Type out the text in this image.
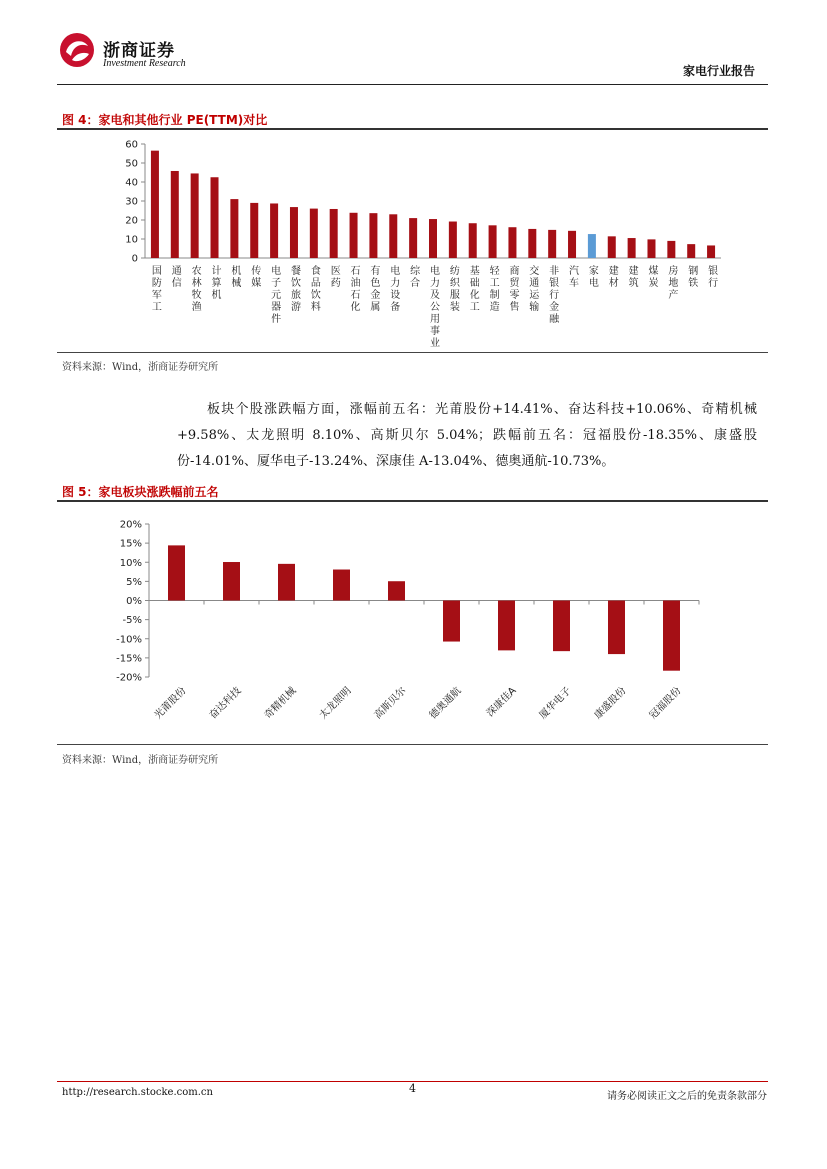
浙商证券
Investment Research
家电行业报告
图 4：家电和其他行业 PE(TTM)对比
0
10
20
30
40
50
60
国防军工
通信
农林牧渔
计算机
机械
传媒
电子元器件
餐饮旅游
食品饮料
医药
石油石化
有色金属
电力设备
综合
电力及公用事业
纺织服装
基础化工
轻工制造
商贸零售
交通运输
非银行金融
汽车
家电
建材
建筑
煤炭
房地产
钢铁
银行
资料来源：Wind，浙商证券研究所

板块个股涨跌幅方面，涨幅前五名：光莆股份+14.41%、奋达科技+10.06%、奇精机械+9.58%、太龙照明 8.10%、高斯贝尔 5.04%；跌幅前五名：冠福股份-18.35%、康盛股份-14.01%、厦华电子-13.24%、深康佳 A-13.04%、德奥通航-10.73%。

图 5：家电板块涨跌幅前五名
-20%
-15%
-10%
-5%
0%
5%
10%
15%
20%
光莆股份 奋达科技 奇精机械 太龙照明 高斯贝尔 德奥通航 深康佳A 厦华电子 康盛股份 冠福股份
资料来源：Wind，浙商证券研究所
http://research.stocke.com.cn	4
请务必阅读正文之后的免责条款部分
